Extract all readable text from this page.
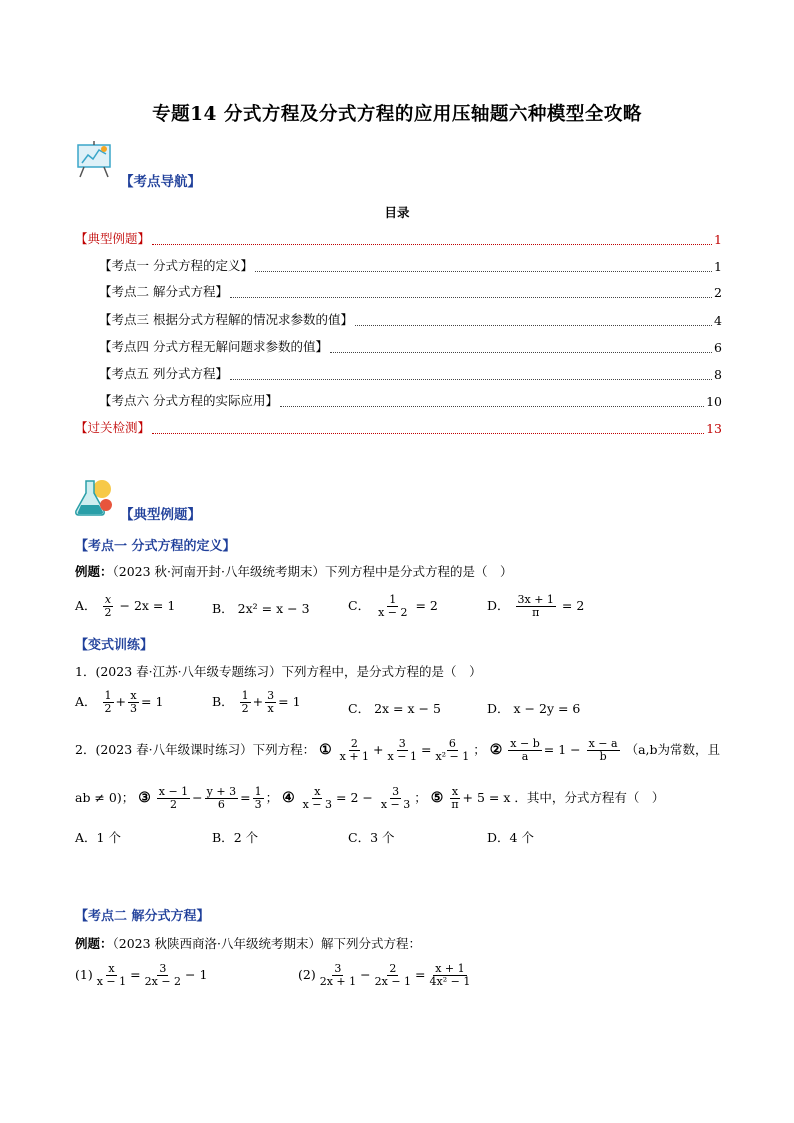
专题14 分式方程及分式方程的应用压轴题六种模型全攻略
【考点导航】
目录
【典型例题】	1
【考点一 分式方程的定义】	1
【考点二 解分式方程】	2
【考点三 根据分式方程解的情况求参数的值】	4
【考点四 分式方程无解问题求参数的值】	6
【考点五 列分式方程】	8
【考点六 分式方程的实际应用】	10
【过关检测】	13
【典型例题】
【考点一 分式方程的定义】
例题：（2023 秋·河南开封·八年级统考期末）下列方程中是分式方程的是（　）
A． $\frac{x}{2} - 2x = 1$	B． 2x² = x − 3	C． $\frac{1}{x - 2} = 2$	D． $\frac{3x + 1}{\pi} = 2$
【变式训练】
1．(2023 春·江苏·八年级专题练习）下列方程中，是分式方程的是（　）
A． $\frac{1}{2} + \frac{x}{3} = 1$	B． $\frac{1}{2} + \frac{3}{x} = 1$	C． 2x = x − 5	D． x − 2y = 6
2．(2023 春·八年级课时练习）下列方程： ① $\frac{2}{x + 1} + \frac{3}{x - 1} = \frac{6}{\text{x² − 1}}$ ； ② $\frac{x - b}{a} = 1 - \frac{x - a}{b} (a,b$为常数，且
ab ≠ 0)； ③ $\frac{x - 1}{2} - \frac{y + 3}{6} = \frac{1}{3}$ ； ④ $\frac{x}{x - 3} = 2 - \frac{3}{x - 3}$ ； ⑤ $\frac{x}{\pi} + 5 = x$ ．其中，分式方程有（　）
A．1 个	B．2 个	C．3 个	D．4 个
【考点二 解分式方程】
例题：（2023 秋陕西商洛·八年级统考期末）解下列分式方程：
$(1) \frac{x}{x - 1} = \frac{3}{2x - 2} - 1$	$(2) \frac{3}{2x + 1} - \frac{2}{2x - 1} = \frac{x + 1}{\text{4x² − 1}}$
